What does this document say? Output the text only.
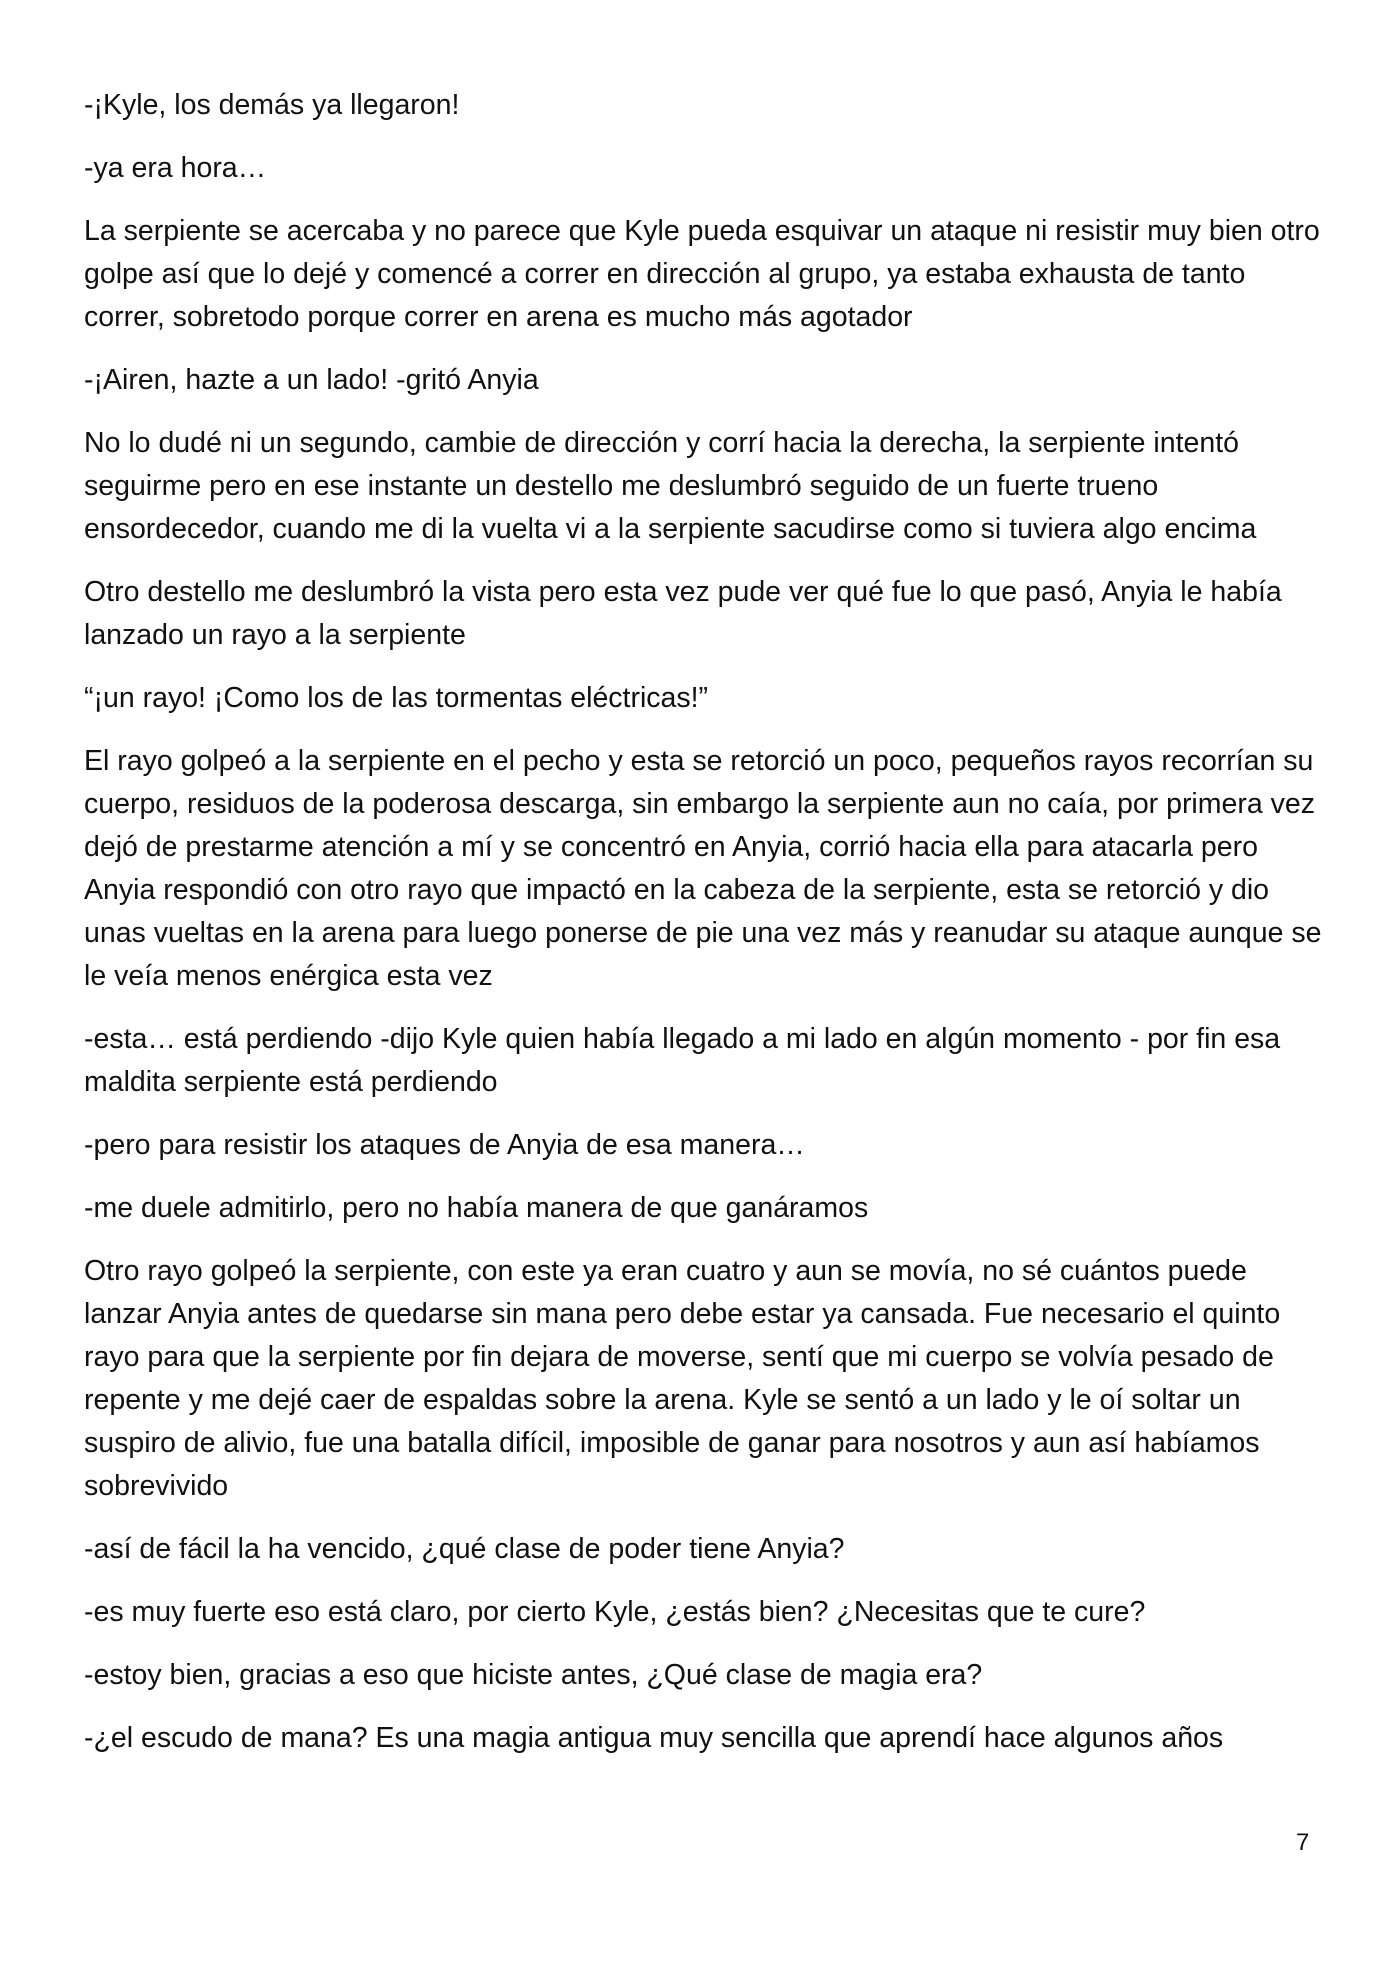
-¡Kyle, los demás ya llegaron!

-ya era hora…

La serpiente se acercaba y no parece que Kyle pueda esquivar un ataque ni resistir muy bien otro golpe así que lo dejé y comencé a correr en dirección al grupo, ya estaba exhausta de tanto correr, sobretodo porque correr en arena es mucho más agotador

-¡Airen, hazte a un lado! -gritó Anyia

No lo dudé ni un segundo, cambie de dirección y corrí hacia la derecha, la serpiente intentó seguirme pero en ese instante un destello me deslumbró seguido de un fuerte trueno ensordecedor, cuando me di la vuelta vi a la serpiente sacudirse como si tuviera algo encima

Otro destello me deslumbró la vista pero esta vez pude ver qué fue lo que pasó, Anyia le había lanzado un rayo a la serpiente

“¡un rayo! ¡Como los de las tormentas eléctricas!”

El rayo golpeó a la serpiente en el pecho y esta se retorció un poco, pequeños rayos recorrían su cuerpo, residuos de la poderosa descarga, sin embargo la serpiente aun no caía, por primera vez dejó de prestarme atención a mí y se concentró en Anyia, corrió hacia ella para atacarla pero Anyia respondió con otro rayo que impactó en la cabeza de la serpiente, esta se retorció y dio unas vueltas en la arena para luego ponerse de pie una vez más y reanudar su ataque aunque se le veía menos enérgica esta vez

-esta… está perdiendo -dijo Kyle quien había llegado a mi lado en algún momento - por fin esa maldita serpiente está perdiendo

-pero para resistir los ataques de Anyia de esa manera…

-me duele admitirlo, pero no había manera de que ganáramos

Otro rayo golpeó la serpiente, con este ya eran cuatro y aun se movía, no sé cuántos puede lanzar Anyia antes de quedarse sin mana pero debe estar ya cansada. Fue necesario el quinto rayo para que la serpiente por fin dejara de moverse, sentí que mi cuerpo se volvía pesado de repente y me dejé caer de espaldas sobre la arena. Kyle se sentó a un lado y le oí soltar un suspiro de alivio, fue una batalla difícil, imposible de ganar para nosotros y aun así habíamos sobrevivido

-así de fácil la ha vencido, ¿qué clase de poder tiene Anyia?

-es muy fuerte eso está claro, por cierto Kyle, ¿estás bien? ¿Necesitas que te cure?

-estoy bien, gracias a eso que hiciste antes, ¿Qué clase de magia era?

-¿el escudo de mana? Es una magia antigua muy sencilla que aprendí hace algunos años

7
